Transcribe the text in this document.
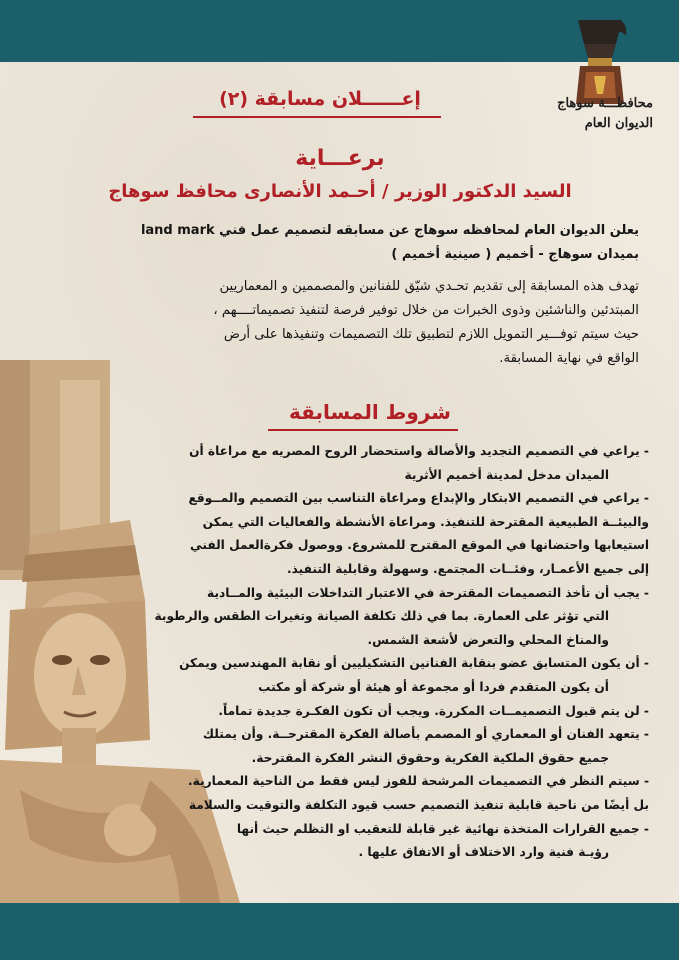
محافظـــة سوهاج
الديوان العام
إعــــــلان مسابقة (٢)
برعـــاية
السيد الدكتور الوزير / أحـمد الأنصارى محافظ سوهاج
يعلن الديوان العام لمحافظه سوهاج عن مسابقه لتصميم عمل فني land mark
بميدان سوهاج - أخميم ( صينية أخميم )
تهدف هذه المسابقة إلى تقديم تحـدي شيّق للفنانين والمصممين و المعماريين
المبتدئين والناشئين وذوى الخبرات من خلال توفير فرصة لتنفيذ تصميماتــــهم ،
حيث سيتم توفـــير التمويل اللازم لتطبيق تلك التصميمات وتنفيذها على أرض
الواقع في نهاية المسابقة.
شروط المسابقة
- يراعي في التصميم التجديد والأصالة واستحضار الروح المصريه مع مراعاة أن
الميدان مدخل لمدينة أخميم الأثرية
- يراعي في التصميم الابتكار والإبداع ومراعاة التناسب بين التصميم والمــوقع
والبيئــة الطبيعية المقترحة للتنفيذ. ومراعاة الأنشطة والفعاليات التي يمكن
استيعابها واحتضانها في الموقع المقترح للمشروع. ووصول فكرةالعمل الفني
إلى جميع الأعمـار، وفئــات المجتمع. وسهولة وقابلية التنفيذ.
- يجب أن تأخذ التصميمات المقترحة في الاعتبار التداخلات البيئية والمــادية
التي تؤثر على العمارة. بما في ذلك تكلفة الصيانة وتغيرات الطقس والرطوبة
والمناخ المحلي والتعرض لأشعة الشمس.
- أن يكون المتسابق عضو بنقابة الفنانين التشكيليين أو نقابة المهندسين ويمكن
أن يكون المتقدم فردا أو مجموعة أو هيئة أو شركة أو مكتب
- لن يتم قبول التصميمــات المكررة. ويجب أن تكون الفكـرة جديدة تماماً.
- يتعهد الفنان أو المعماري أو المصمم بأصالة الفكرة المقترحــة. وأن يمتلك
جميع حقوق الملكية الفكرية وحقوق النشر الفكرة المقترحة.
- سيتم النظر في التصميمات المرشحة للفوز ليس فقط من الناحية المعمارية.
بل أيضًا من ناحية قابلية تنفيذ التصميم حسب قيود التكلفة والتوقيت والسلامة
- جميع القرارات المتخذة نهائية غير قابلة للتعقيب او التظلم حيث أنها
رؤيـة فنية وارد الاختلاف أو الاتفاق عليها .
